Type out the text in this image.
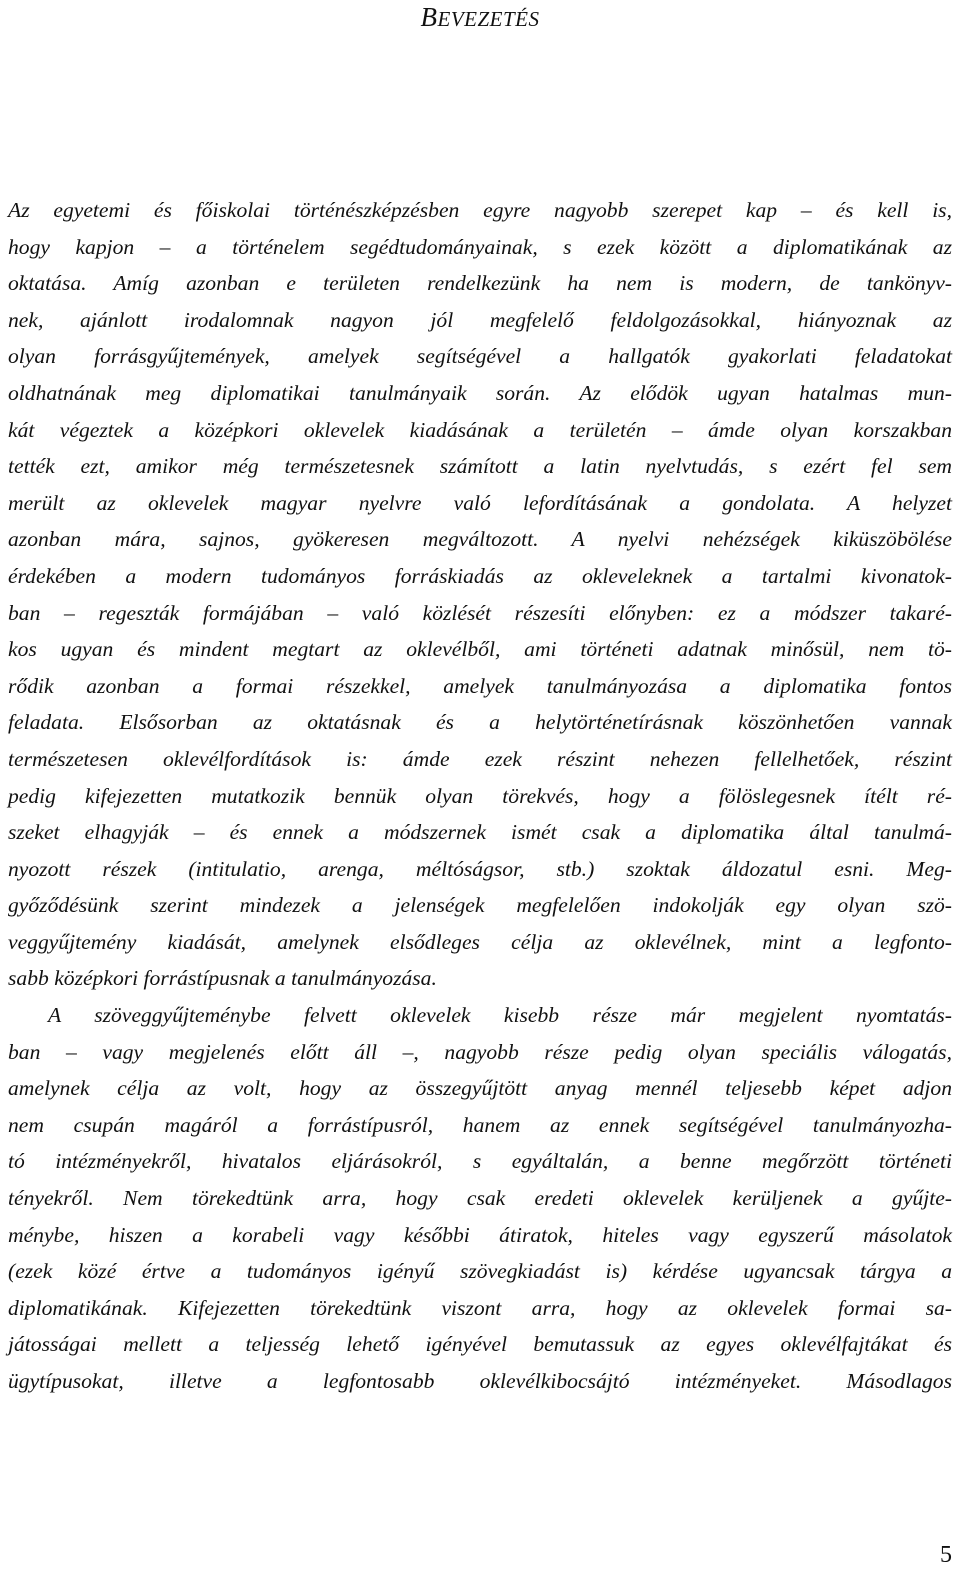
BEVEZETÉS
Az egyetemi és főiskolai történészképzésben egyre nagyobb szerepet kap – és kell is,
hogy kapjon – a történelem segédtudományainak, s ezek között a diplomatikának az
oktatása. Amíg azonban e területen rendelkezünk ha nem is modern, de tankönyv-
nek, ajánlott irodalomnak nagyon jól megfelelő feldolgozásokkal, hiányoznak az
olyan forrásgyűjtemények, amelyek segítségével a hallgatók gyakorlati feladatokat
oldhatnának meg diplomatikai tanulmányaik során. Az elődök ugyan hatalmas mun-
kát végeztek a középkori oklevelek kiadásának a területén – ámde olyan korszakban
tették ezt, amikor még természetesnek számított a latin nyelvtudás, s ezért fel sem
merült az oklevelek magyar nyelvre való lefordításának a gondolata. A helyzet
azonban mára, sajnos, gyökeresen megváltozott. A nyelvi nehézségek kiküszöbölése
érdekében a modern tudományos forráskiadás az okleveleknek a tartalmi kivonatok-
ban – regeszták formájában – való közlését részesíti előnyben: ez a módszer takaré-
kos ugyan és mindent megtart az oklevélből, ami történeti adatnak minősül, nem tö-
rődik azonban a formai részekkel, amelyek tanulmányozása a diplomatika fontos
feladata. Elsősorban az oktatásnak és a helytörténetírásnak köszönhetően vannak
természetesen oklevélfordítások is: ámde ezek részint nehezen fellelhetőek, részint
pedig kifejezetten mutatkozik bennük olyan törekvés, hogy a fölöslegesnek ítélt ré-
szeket elhagyják – és ennek a módszernek ismét csak a diplomatika által tanulmá-
nyozott részek (intitulatio, arenga, méltóságsor, stb.) szoktak áldozatul esni. Meg-
győződésünk szerint mindezek a jelenségek megfelelően indokolják egy olyan szö-
veggyűjtemény kiadását, amelynek elsődleges célja az oklevélnek, mint a legfonto-
sabb középkori forrástípusnak a tanulmányozása.
A szöveggyűjteménybe felvett oklevelek kisebb része már megjelent nyomtatás-
ban – vagy megjelenés előtt áll –, nagyobb része pedig olyan speciális válogatás,
amelynek célja az volt, hogy az összegyűjtött anyag mennél teljesebb képet adjon
nem csupán magáról a forrástípusról, hanem az ennek segítségével tanulmányozha-
tó intézményekről, hivatalos eljárásokról, s egyáltalán, a benne megőrzött történeti
tényekről. Nem törekedtünk arra, hogy csak eredeti oklevelek kerüljenek a gyűjte-
ménybe, hiszen a korabeli vagy későbbi átiratok, hiteles vagy egyszerű másolatok
(ezek közé értve a tudományos igényű szövegkiadást is) kérdése ugyancsak tárgya a
diplomatikának. Kifejezetten törekedtünk viszont arra, hogy az oklevelek formai sa-
játosságai mellett a teljesség lehető igényével bemutassuk az egyes oklevélfajtákat és
ügytípusokat, illetve a legfontosabb oklevélkibocsájtó intézményeket. Másodlagos
5
